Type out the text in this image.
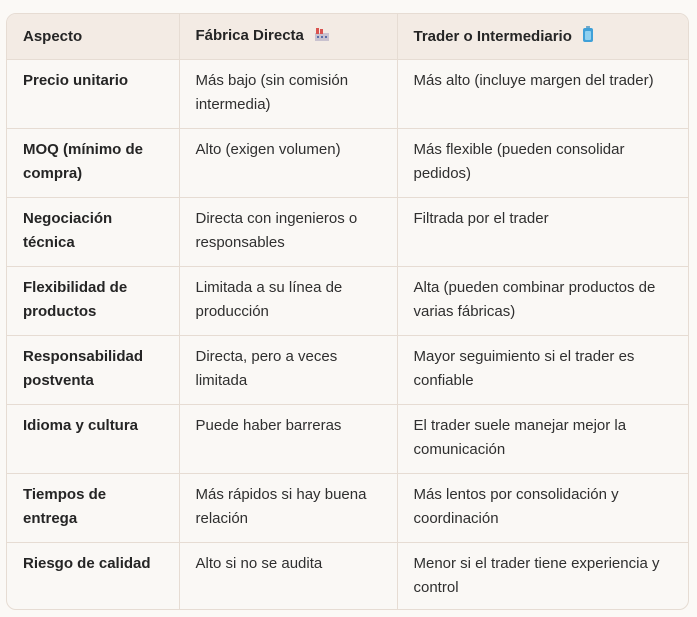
Aspecto	Fábrica Directa	Trader o Intermediario
Precio unitario	Más bajo (sin comisión intermedia)	Más alto (incluye margen del trader)
MOQ (mínimo de compra)	Alto (exigen volumen)	Más flexible (pueden consolidar pedidos)
Negociación técnica	Directa con ingenieros o responsables	Filtrada por el trader
Flexibilidad de productos	Limitada a su línea de producción	Alta (pueden combinar productos de varias fábricas)
Responsabilidad postventa	Directa, pero a veces limitada	Mayor seguimiento si el trader es confiable
Idioma y cultura	Puede haber barreras	El trader suele manejar mejor la comunicación
Tiempos de entrega	Más rápidos si hay buena relación	Más lentos por consolidación y coordinación
Riesgo de calidad	Alto si no se audita	Menor si el trader tiene experiencia y control
